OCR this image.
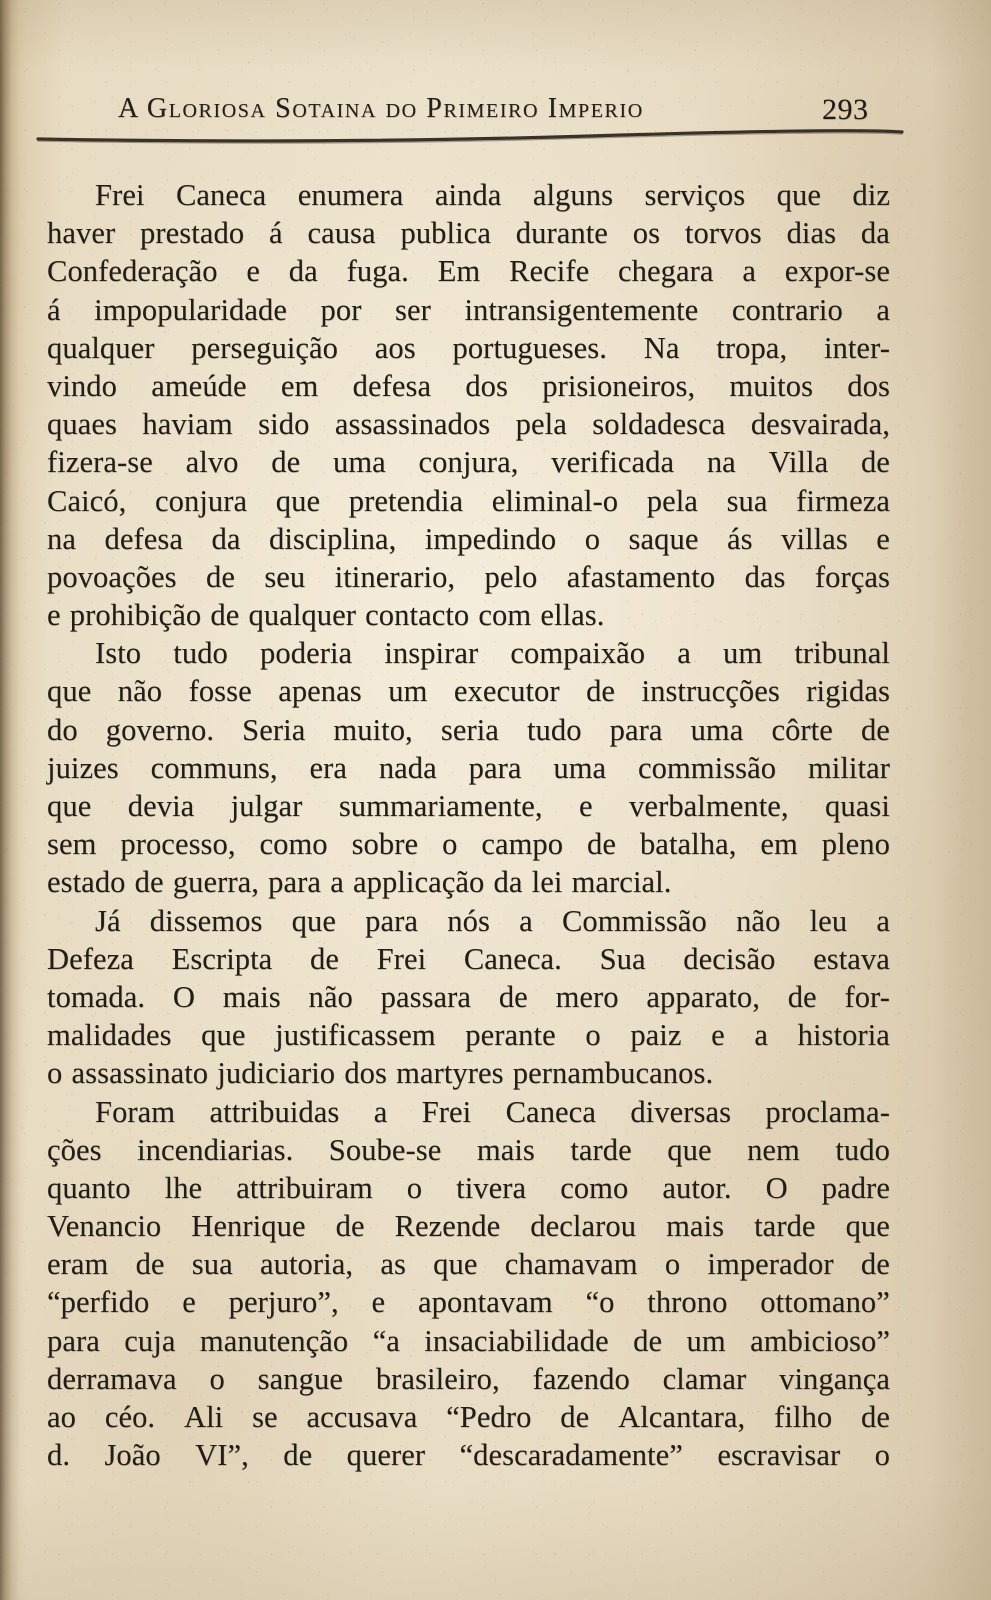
A Gloriosa Sotaina do Primeiro Imperio	293
Frei Caneca enumera ainda alguns serviços que diz
haver prestado á causa publica durante os torvos dias da
Confederação e da fuga. Em Recife chegara a expor-se
á impopularidade por ser intransigentemente contrario a
qualquer perseguição aos portugueses. Na tropa, inter-
vindo ameúde em defesa dos prisioneiros, muitos dos
quaes haviam sido assassinados pela soldadesca desvairada,
fizera-se alvo de uma conjura, verificada na Villa de
Caicó, conjura que pretendia eliminal-o pela sua firmeza
na defesa da disciplina, impedindo o saque ás villas e
povoações de seu itinerario, pelo afastamento das forças
e prohibição de qualquer contacto com ellas.
Isto tudo poderia inspirar compaixão a um tribunal
que não fosse apenas um executor de instrucções rigidas
do governo. Seria muito, seria tudo para uma côrte de
juizes communs, era nada para uma commissão militar
que devia julgar summariamente, e verbalmente, quasi
sem processo, como sobre o campo de batalha, em pleno
estado de guerra, para a applicação da lei marcial.
Já dissemos que para nós a Commissão não leu a
Defeza Escripta de Frei Caneca. Sua decisão estava
tomada. O mais não passara de mero apparato, de for-
malidades que justificassem perante o paiz e a historia
o assassinato judiciario dos martyres pernambucanos.
Foram attribuidas a Frei Caneca diversas proclama-
ções incendiarias. Soube-se mais tarde que nem tudo
quanto lhe attribuiram o tivera como autor. O padre
Venancio Henrique de Rezende declarou mais tarde que
eram de sua autoria, as que chamavam o imperador de
“perfido e perjuro”, e apontavam “o throno ottomano”
para cuja manutenção “a insaciabilidade de um ambicioso”
derramava o sangue brasileiro, fazendo clamar vingança
ao céo. Ali se accusava “Pedro de Alcantara, filho de
d. João VI”, de querer “descaradamente” escravisar o
